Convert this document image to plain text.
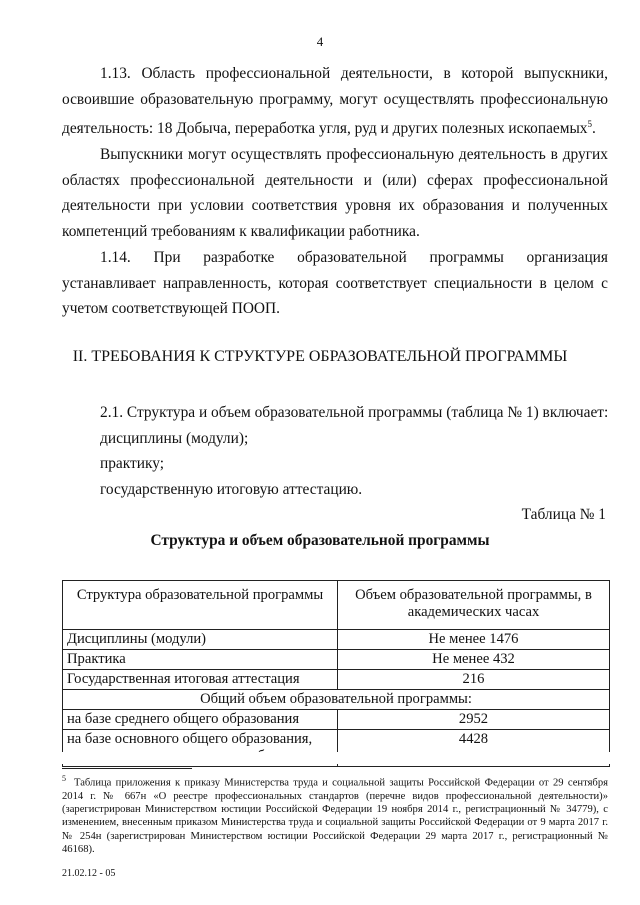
4
1.13. Область профессиональной деятельности, в которой выпускники, освоившие образовательную программу, могут осуществлять профессиональную деятельность: 18 Добыча, переработка угля, руд и других полезных ископаемых$^5$.
Выпускники могут осуществлять профессиональную деятельность в других областях профессиональной деятельности и (или) сферах профессиональной деятельности при условии соответствия уровня их образования и полученных компетенций требованиям к квалификации работника.
1.14. При разработке образовательной программы организация устанавливает направленность, которая соответствует специальности в целом с учетом соответствующей ПООП.
II. ТРЕБОВАНИЯ К СТРУКТУРЕ ОБРАЗОВАТЕЛЬНОЙ ПРОГРАММЫ
2.1. Структура и объем образовательной программы (таблица № 1) включает:
дисциплины (модули);
практику;
государственную итоговую аттестацию.
Таблица № 1
Структура и объем образовательной программы
Структура образовательной программы	Объем образовательной программы, в академических часах
Дисциплины (модули)	Не менее 1476
Практика	Не менее 432
Государственная итоговая аттестация	216
Общий объем образовательной программы:	
на базе среднего общего образования	2952
на базе основного общего образования,	4428
$^5$ Таблица приложения к приказу Министерства труда и социальной защиты Российской Федерации от 29 сентября 2014 г. № 667н «О реестре профессиональных стандартов (перечне видов профессиональной деятельности)» (зарегистрирован Министерством юстиции Российской Федерации 19 ноября 2014 г., регистрационный № 34779), с изменением, внесенным приказом Министерства труда и социальной защиты Российской Федерации от 9 марта 2017 г. № 254н (зарегистрирован Министерством юстиции Российской Федерации 29 марта 2017 г., регистрационный № 46168).
21.02.12 - 05
